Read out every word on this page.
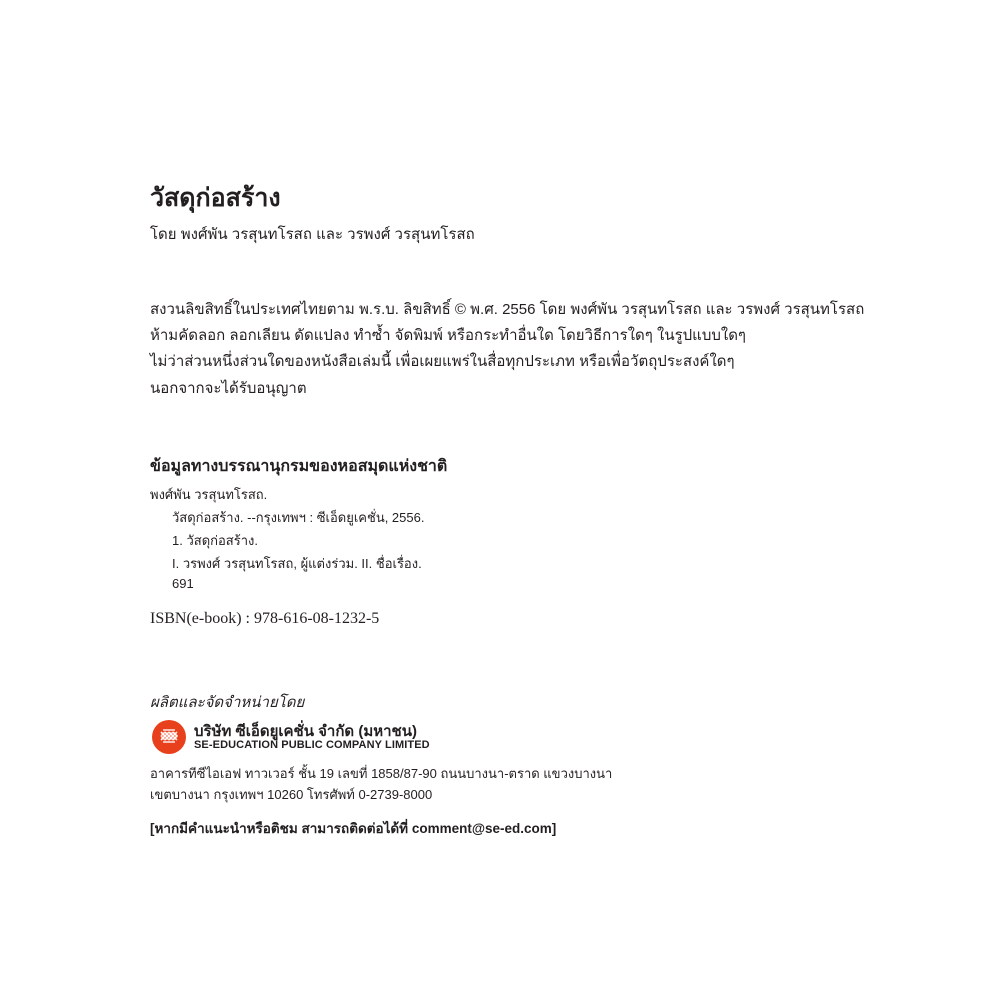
วัสดุก่อสร้าง
โดย พงศ์พัน วรสุนทโรสถ และ วรพงศ์ วรสุนทโรสถ
สงวนลิขสิทธิ์ในประเทศไทยตาม พ.ร.บ. ลิขสิทธิ์ © พ.ศ. 2556 โดย พงศ์พัน วรสุนทโรสถ และ วรพงศ์ วรสุนทโรสถ
ห้ามคัดลอก ลอกเลียน ดัดแปลง ทำซ้ำ จัดพิมพ์ หรือกระทำอื่นใด โดยวิธีการใดๆ ในรูปแบบใดๆ
ไม่ว่าส่วนหนึ่งส่วนใดของหนังสือเล่มนี้ เพื่อเผยแพร่ในสื่อทุกประเภท หรือเพื่อวัตถุประสงค์ใดๆ
นอกจากจะได้รับอนุญาต
ข้อมูลทางบรรณานุกรมของหอสมุดแห่งชาติ
พงศ์พัน วรสุนทโรสถ.
วัสดุก่อสร้าง. --กรุงเทพฯ : ซีเอ็ดยูเคชั่น, 2556.
1. วัสดุก่อสร้าง.
I. วรพงศ์ วรสุนทโรสถ, ผู้แต่งร่วม. II. ชื่อเรื่อง.
691
ISBN(e-book) : 978-616-08-1232-5
ผลิตและจัดจำหน่ายโดย
บริษัท ซีเอ็ดยูเคชั่น จำกัด (มหาชน)
SE-EDUCATION PUBLIC COMPANY LIMITED
อาคารทีซีไอเอฟ ทาวเวอร์ ชั้น 19 เลขที่ 1858/87-90 ถนนบางนา-ตราด แขวงบางนา
เขตบางนา กรุงเทพฯ 10260 โทรศัพท์ 0-2739-8000
[หากมีคำแนะนำหรือติชม สามารถติดต่อได้ที่ comment@se-ed.com]
